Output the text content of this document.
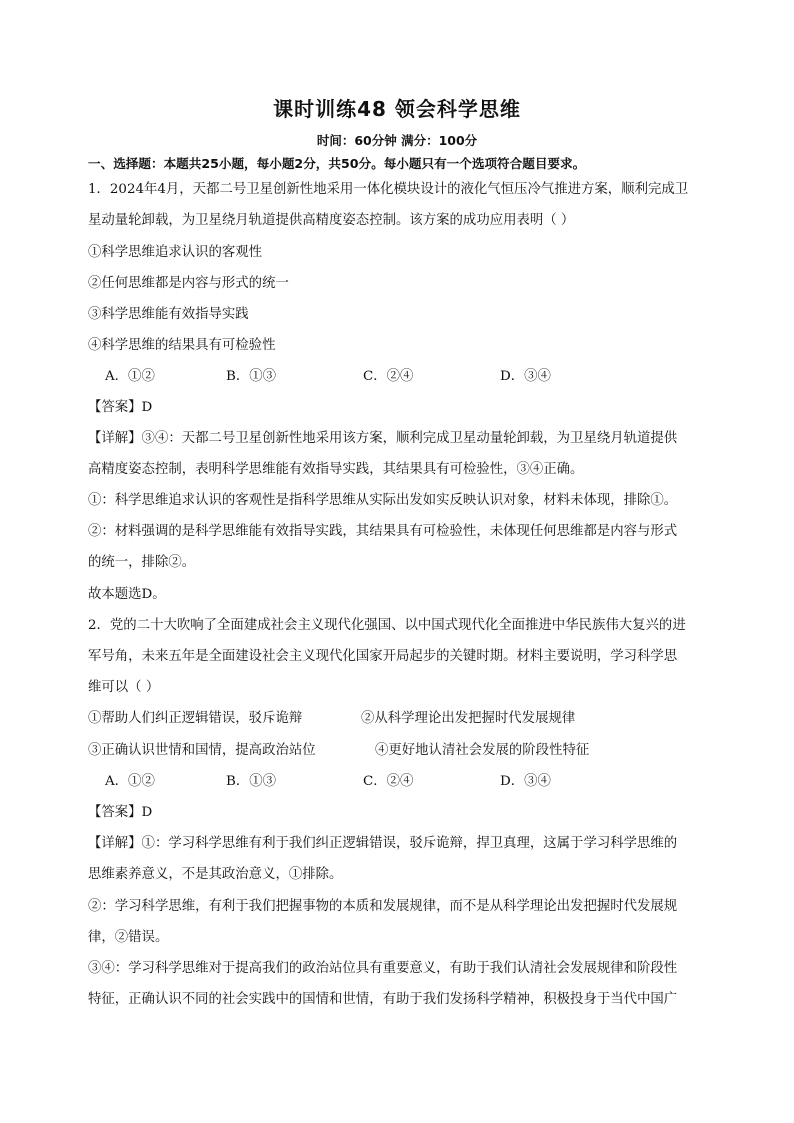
课时训练48 领会科学思维
时间：60分钟 满分：100分
一、选择题：本题共25小题，每小题2分，共50分。每小题只有一个选项符合题目要求。
1．2024年4月，天都二号卫星创新性地采用一体化模块设计的液化气恒压冷气推进方案，顺利完成卫
星动量轮卸载，为卫星绕月轨道提供高精度姿态控制。该方案的成功应用表明（ ）
①科学思维追求认识的客观性
②任何思维都是内容与形式的统一
③科学思维能有效指导实践
④科学思维的结果具有可检验性
A．①②	B．①③	C．②④	D．③④
【答案】D
【详解】③④：天都二号卫星创新性地采用该方案，顺利完成卫星动量轮卸载，为卫星绕月轨道提供
高精度姿态控制，表明科学思维能有效指导实践，其结果具有可检验性，③④正确。
①：科学思维追求认识的客观性是指科学思维从实际出发如实反映认识对象，材料未体现，排除①。
②：材料强调的是科学思维能有效指导实践，其结果具有可检验性，未体现任何思维都是内容与形式
的统一，排除②。
故本题选D。
2．党的二十大吹响了全面建成社会主义现代化强国、以中国式现代化全面推进中华民族伟大复兴的进
军号角，未来五年是全面建设社会主义现代化国家开局起步的关键时期。材料主要说明，学习科学思
维可以（ ）
①帮助人们纠正逻辑错误，驳斥诡辩	②从科学理论出发把握时代发展规律
③正确认识世情和国情，提高政治站位	④更好地认清社会发展的阶段性特征
A．①②	B．①③	C．②④	D．③④
【答案】D
【详解】①：学习科学思维有利于我们纠正逻辑错误，驳斥诡辩，捍卫真理，这属于学习科学思维的
思维素养意义，不是其政治意义，①排除。
②：学习科学思维，有利于我们把握事物的本质和发展规律，而不是从科学理论出发把握时代发展规
律，②错误。
③④：学习科学思维对于提高我们的政治站位具有重要意义，有助于我们认清社会发展规律和阶段性
特征，正确认识不同的社会实践中的国情和世情，有助于我们发扬科学精神，积极投身于当代中国广
